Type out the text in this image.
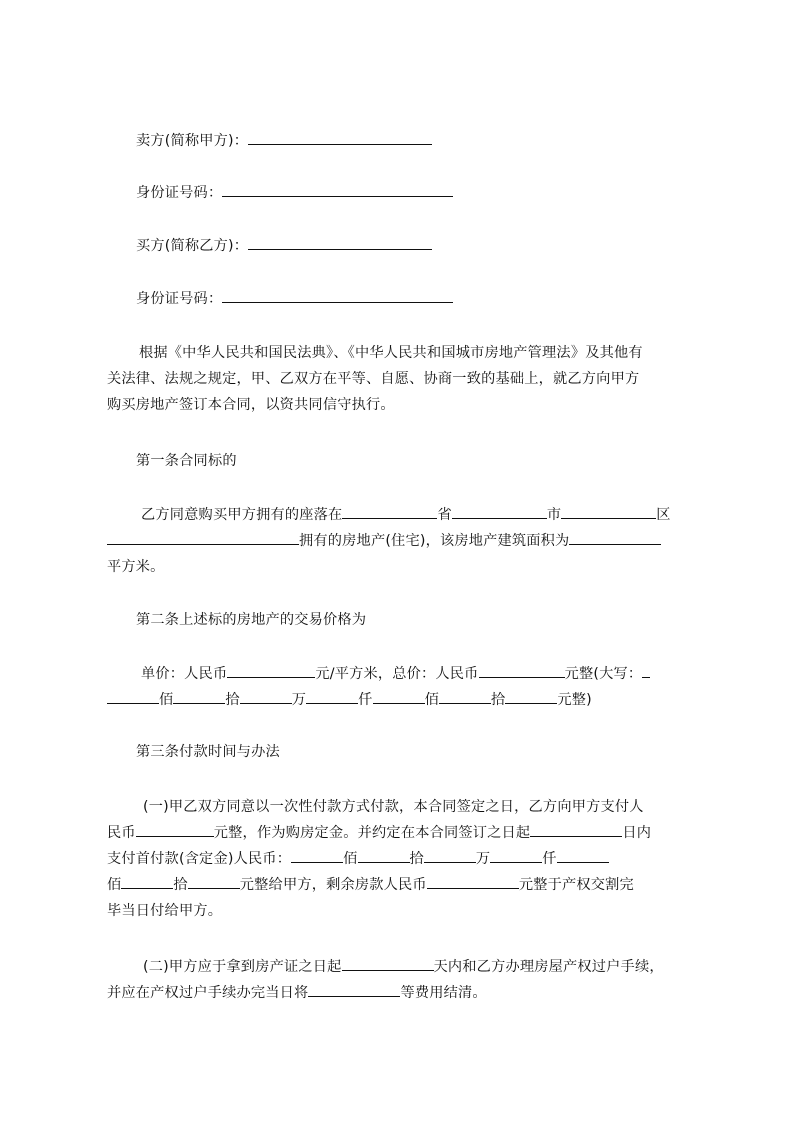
卖方(简称甲方)：
身份证号码：
买方(简称乙方)：
身份证号码：
根据《中华人民共和国民法典》、《中华人民共和国城市房地产管理法》及其他有
关法律、法规之规定，甲、乙双方在平等、自愿、协商一致的基础上，就乙方向甲方
购买房地产签订本合同，以资共同信守执行。
第一条合同标的
乙方同意购买甲方拥有的座落在	省	市	区
拥有的房地产(住宅)，该房地产建筑面积为
平方米。
第二条上述标的房地产的交易价格为
单价：人民币	元/平方米，总价：人民币	元整(大写：
佰	拾	万	仟	佰	拾	元整)
第三条付款时间与办法
(一)甲乙双方同意以一次性付款方式付款，本合同签定之日，乙方向甲方支付人
民币	元整，作为购房定金。并约定在本合同签订之日起	日内
支付首付款(含定金)人民币：	佰	拾	万	仟
佰	拾	元整给甲方，剩余房款人民币	元整于产权交割完
毕当日付给甲方。
(二)甲方应于拿到房产证之日起	天内和乙方办理房屋产权过户手续，
并应在产权过户手续办完当日将	等费用结清。
